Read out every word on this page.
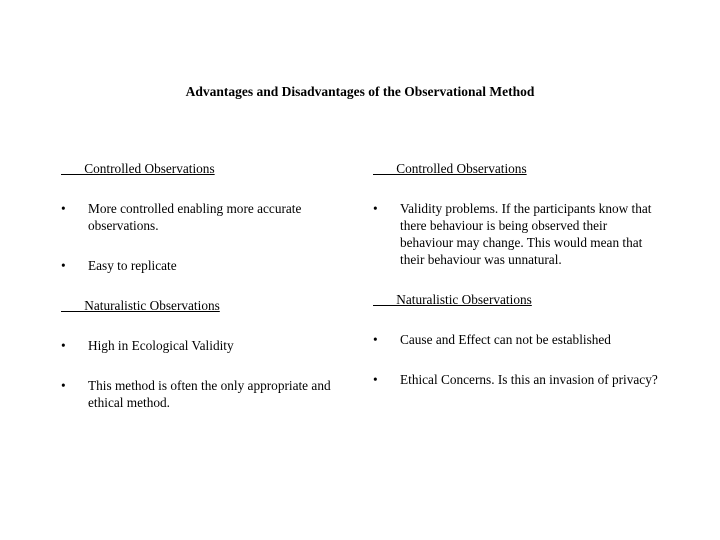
Advantages and Disadvantages of the Observational Method
Controlled Observations
• More controlled enabling more accurate observations.
• Easy to replicate
Naturalistic Observations
• High in Ecological Validity
• This method is often the only appropriate and ethical method.
Controlled Observations
• Validity problems. If the participants know that there behaviour is being observed their behaviour may change. This would mean that their behaviour was unnatural.
Naturalistic Observations
• Cause and Effect can not be established
• Ethical Concerns. Is this an invasion of privacy?
